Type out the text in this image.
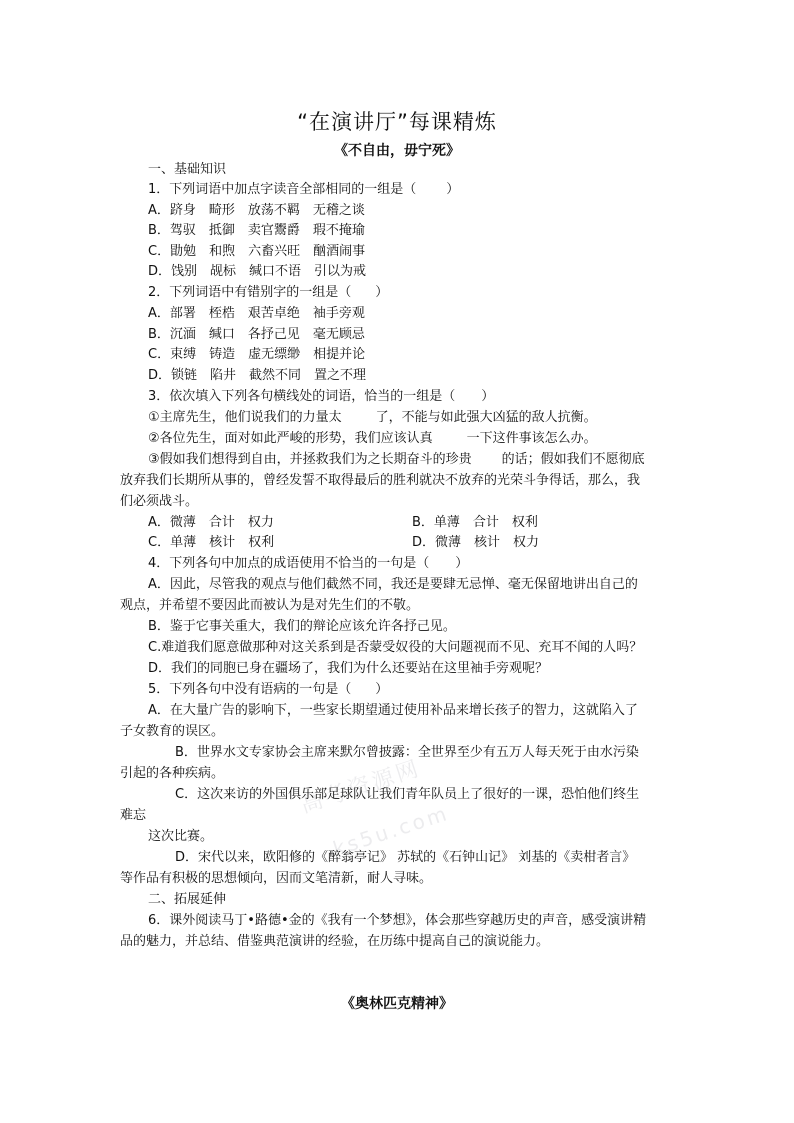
高考资源网
ks5u.com
“在演讲厅”每课精炼
《不自由，毋宁死》
一、基础知识
1．下列词语中加点字读音全部相同的一组是（ ）
A．跻身　畸形　放荡不羁　无稽之谈
B．驾驭　抵御　卖官鬻爵　瑕不掩瑜
C．勖勉　和煦　六畜兴旺　酗酒闹事
D．饯别　觇标　缄口不语　引以为戒
2．下列词语中有错别字的一组是（ ）
A．部署　桎梏　艰苦卓绝　袖手旁观
B．沉湎　缄口　各抒己见　毫无顾忌
C．束缚　铸造　虚无缥缈　相提并论
D．锁链　陷井　截然不同　置之不理
3．依次填入下列各句横线处的词语，恰当的一组是（ ）
①主席先生，他们说我们的力量太	了，不能与如此强大凶猛的敌人抗衡。
②各位先生，面对如此严峻的形势，我们应该认真	一下这件事该怎么办。
③假如我们想得到自由，并拯救我们为之长期奋斗的珍贵 的话；假如我们不愿彻底
放弃我们长期所从事的，曾经发誓不取得最后的胜利就决不放弃的光荣斗争得话，那么，我
们必须战斗。
A．微薄　合计　权力	B．单薄　合计　权利
C．单薄　核计　权利	D．微薄　核计　权力
4．下列各句中加点的成语使用不恰当的一句是（ ）
A．因此，尽管我的观点与他们截然不同，我还是要肆无忌惮、毫无保留地讲出自己的
观点，并希望不要因此而被认为是对先生们的不敬。
B．鉴于它事关重大，我们的辩论应该允许各抒己见。
C.难道我们愿意做那种对这关系到是否蒙受奴役的大问题视而不见、充耳不闻的人吗？
D．我们的同胞已身在疆场了，我们为什么还要站在这里袖手旁观呢？
5．下列各句中没有语病的一句是（ ）
A．在大量广告的影响下，一些家长期望通过使用补品来增长孩子的智力，这就陷入了
子女教育的误区。
B．世界水文专家协会主席来默尔曾披露：全世界至少有五万人每天死于由水污染
引起的各种疾病。
C．这次来访的外国俱乐部足球队让我们青年队员上了很好的一课，恐怕他们终生
难忘
这次比赛。
D．宋代以来，欧阳修的《醉翁亭记》 苏轼的《石钟山记》 刘基的《卖柑者言》
等作品有积极的思想倾向，因而文笔清新，耐人寻味。
二、拓展延伸
6．课外阅读马丁•路德•金的《我有一个梦想》，体会那些穿越历史的声音，感受演讲精
品的魅力，并总结、借鉴典范演讲的经验，在历练中提高自己的演说能力。
《奥林匹克精神》
